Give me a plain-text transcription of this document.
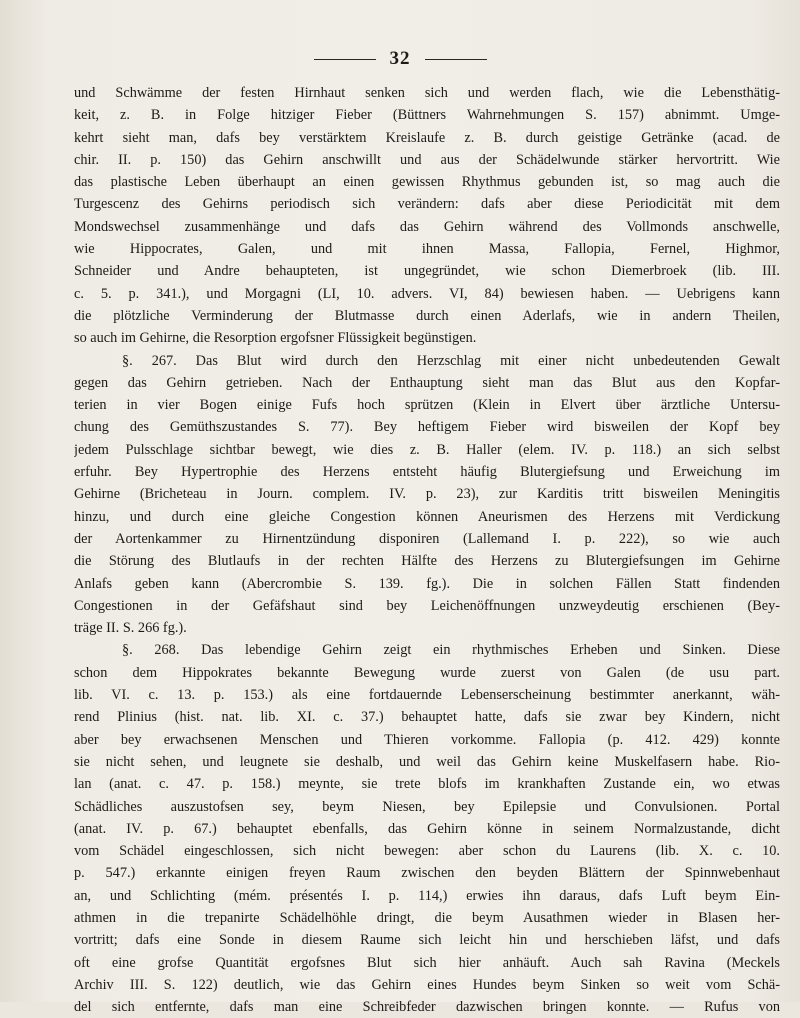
32
und Schwämme der festen Hirnhaut senken sich und werden flach, wie die Lebensthätig-
keit, z. B. in Folge hitziger Fieber (Büttners Wahrnehmungen S. 157) abnimmt. Umge-
kehrt sieht man, dafs bey verstärktem Kreislaufe z. B. durch geistige Getränke (acad. de
chir. II. p. 150) das Gehirn anschwillt und aus der Schädelwunde stärker hervortritt. Wie
das plastische Leben überhaupt an einen gewissen Rhythmus gebunden ist, so mag auch die
Turgescenz des Gehirns periodisch sich verändern: dafs aber diese Periodicität mit dem
Mondswechsel zusammenhänge und dafs das Gehirn während des Vollmonds anschwelle,
wie Hippocrates, Galen, und mit ihnen Massa, Fallopia, Fernel, Highmor,
Schneider und Andre behaupteten, ist ungegründet, wie schon Diemerbroek (lib. III.
c. 5. p. 341.), und Morgagni (LI, 10. advers. VI, 84) bewiesen haben. — Uebrigens kann
die plötzliche Verminderung der Blutmasse durch einen Aderlafs, wie in andern Theilen,
so auch im Gehirne, die Resorption ergofsner Flüssigkeit begünstigen.
§. 267. Das Blut wird durch den Herzschlag mit einer nicht unbedeutenden Gewalt
gegen das Gehirn getrieben. Nach der Enthauptung sieht man das Blut aus den Kopfar-
terien in vier Bogen einige Fufs hoch sprützen (Klein in Elvert über ärztliche Untersu-
chung des Gemüthszustandes S. 77). Bey heftigem Fieber wird bisweilen der Kopf bey
jedem Pulsschlage sichtbar bewegt, wie dies z. B. Haller (elem. IV. p. 118.) an sich selbst
erfuhr. Bey Hypertrophie des Herzens entsteht häufig Blutergiefsung und Erweichung im
Gehirne (Bricheteau in Journ. complem. IV. p. 23), zur Karditis tritt bisweilen Meningitis
hinzu, und durch eine gleiche Congestion können Aneurismen des Herzens mit Verdickung
der Aortenkammer zu Hirnentzündung disponiren (Lallemand I. p. 222), so wie auch
die Störung des Blutlaufs in der rechten Hälfte des Herzens zu Blutergiefsungen im Gehirne
Anlafs geben kann (Abercrombie S. 139. fg.). Die in solchen Fällen Statt findenden
Congestionen in der Gefäfshaut sind bey Leichenöffnungen unzweydeutig erschienen (Bey-
träge II. S. 266 fg.).
§. 268. Das lebendige Gehirn zeigt ein rhythmisches Erheben und Sinken. Diese
schon dem Hippokrates bekannte Bewegung wurde zuerst von Galen (de usu part.
lib. VI. c. 13. p. 153.) als eine fortdauernde Lebenserscheinung bestimmter anerkannt, wäh-
rend Plinius (hist. nat. lib. XI. c. 37.) behauptet hatte, dafs sie zwar bey Kindern, nicht
aber bey erwachsenen Menschen und Thieren vorkomme. Fallopia (p. 412. 429) konnte
sie nicht sehen, und leugnete sie deshalb, und weil das Gehirn keine Muskelfasern habe. Rio-
lan (anat. c. 47. p. 158.) meynte, sie trete blofs im krankhaften Zustande ein, wo etwas
Schädliches auszustofsen sey, beym Niesen, bey Epilepsie und Convulsionen. Portal
(anat. IV. p. 67.) behauptet ebenfalls, das Gehirn könne in seinem Normalzustande, dicht
vom Schädel eingeschlossen, sich nicht bewegen: aber schon du Laurens (lib. X. c. 10.
p. 547.) erkannte einigen freyen Raum zwischen den beyden Blättern der Spinnwebenhaut
an, und Schlichting (mém. présentés I. p. 114,) erwies ihn daraus, dafs Luft beym Ein-
athmen in die trepanirte Schädelhöhle dringt, die beym Ausathmen wieder in Blasen her-
vortritt; dafs eine Sonde in diesem Raume sich leicht hin und herschieben läfst, und dafs
oft eine grofse Quantität ergofsnes Blut sich hier anhäuft. Auch sah Ravina (Meckels
Archiv III. S. 122) deutlich, wie das Gehirn eines Hundes beym Sinken so weit vom Schä-
del sich entfernte, dafs man eine Schreibfeder dazwischen bringen konnte. — Rufus von
